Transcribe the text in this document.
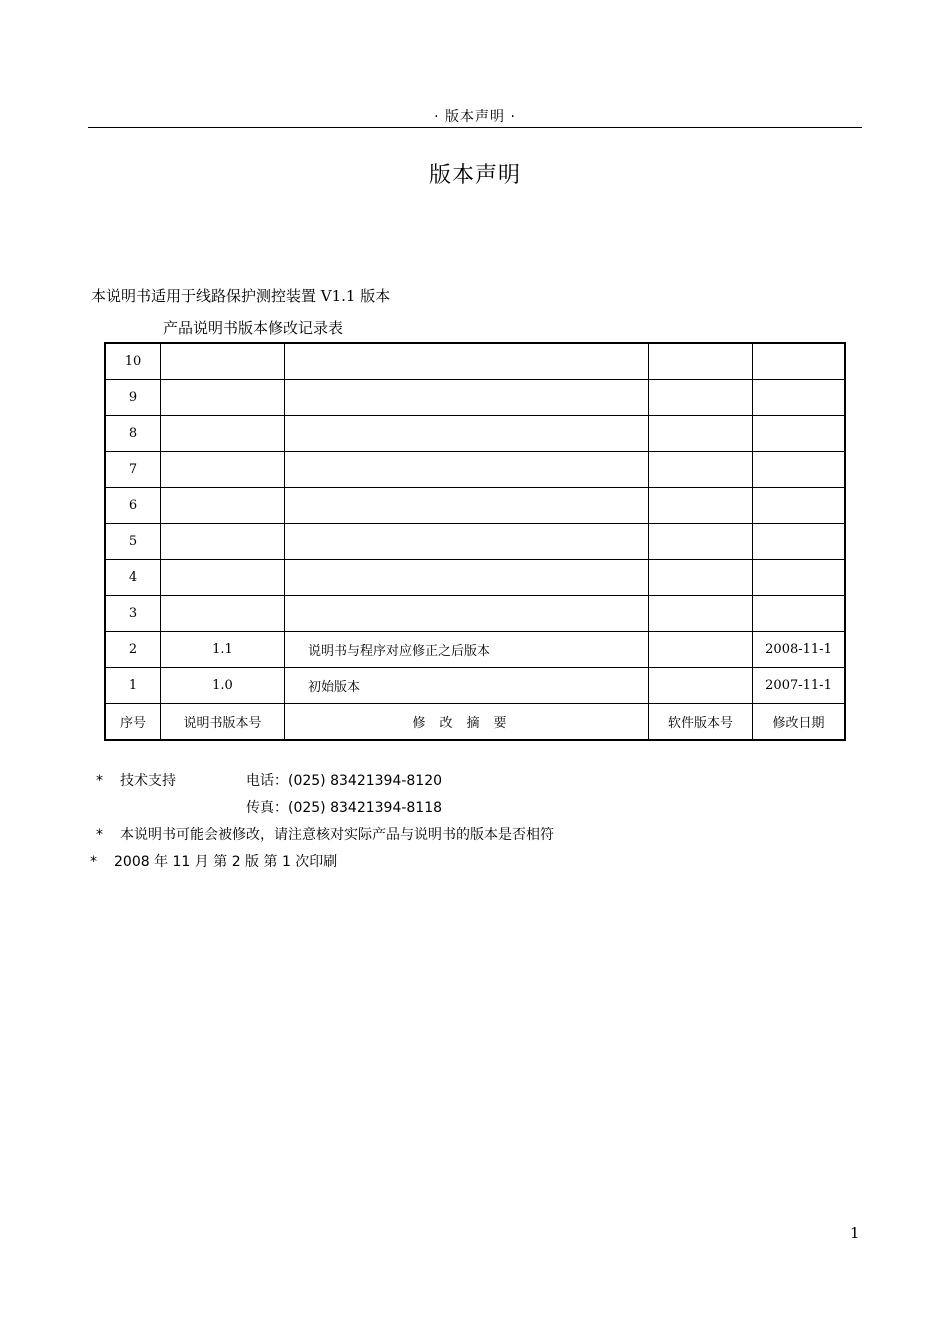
· 版本声明 ·
版本声明
本说明书适用于线路保护测控装置 V1.1 版本
产品说明书版本修改记录表
10				
9				
8				
7				
6				
5				
4				
3				
2	1.1	说明书与程序对应修正之后版本		2008-11-1
1	1.0	初始版本		2007-11-1
序号	说明书版本号	修改摘要	软件版本号	修改日期
* 技术支持	电话：(025) 83421394-8120
传真：(025) 83421394-8118
* 本说明书可能会被修改，请注意核对实际产品与说明书的版本是否相符
* 2008 年 11 月 第 2 版 第 1 次印刷
1
